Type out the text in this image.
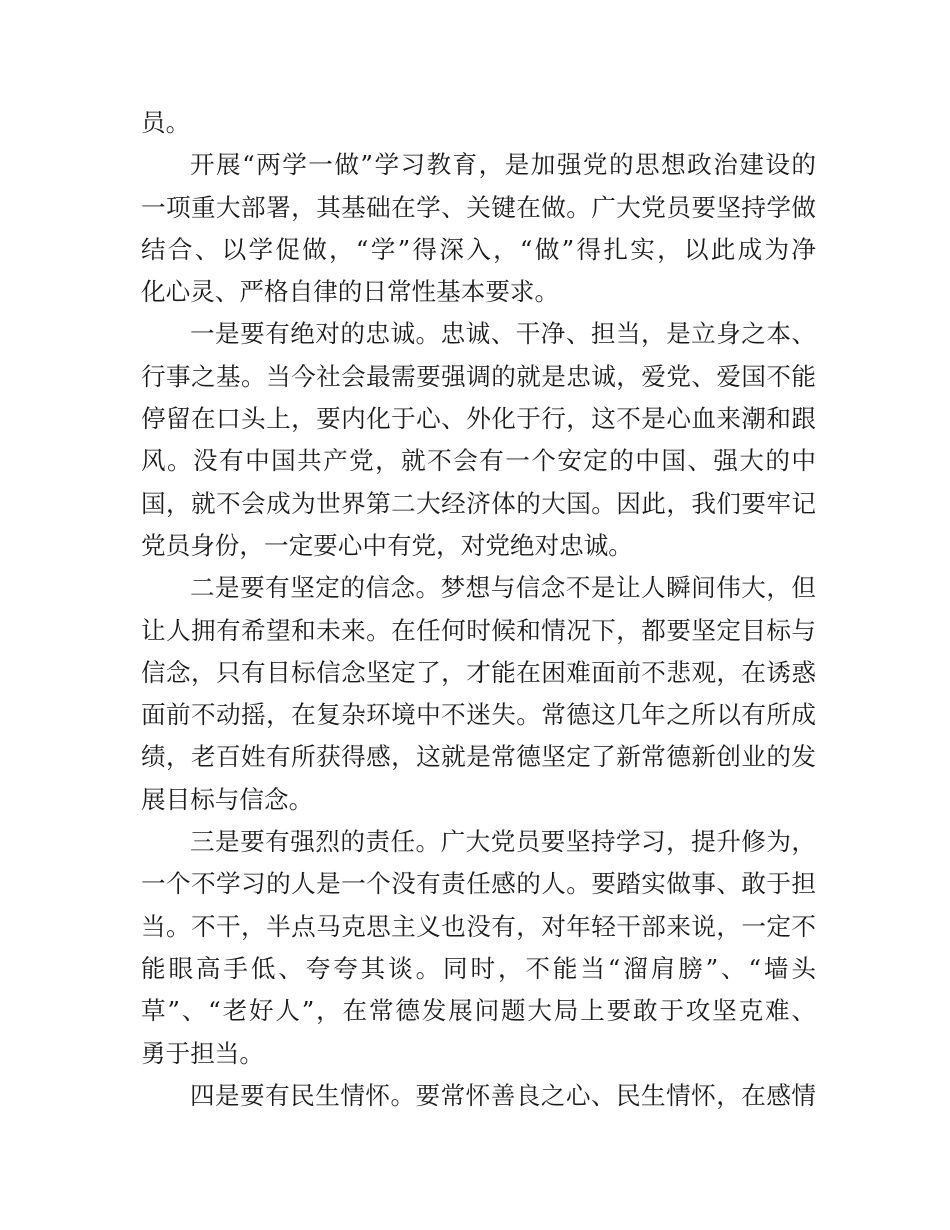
员。
开展“两学一做”学习教育，是加强党的思想政治建设的
一项重大部署，其基础在学、关键在做。广大党员要坚持学做
结合、以学促做，“学”得深入，“做”得扎实，以此成为净
化心灵、严格自律的日常性基本要求。
一是要有绝对的忠诚。忠诚、干净、担当，是立身之本、
行事之基。当今社会最需要强调的就是忠诚，爱党、爱国不能
停留在口头上，要内化于心、外化于行，这不是心血来潮和跟
风。没有中国共产党，就不会有一个安定的中国、强大的中
国，就不会成为世界第二大经济体的大国。因此，我们要牢记
党员身份，一定要心中有党，对党绝对忠诚。
二是要有坚定的信念。梦想与信念不是让人瞬间伟大，但
让人拥有希望和未来。在任何时候和情况下，都要坚定目标与
信念，只有目标信念坚定了，才能在困难面前不悲观，在诱惑
面前不动摇，在复杂环境中不迷失。常德这几年之所以有所成
绩，老百姓有所获得感，这就是常德坚定了新常德新创业的发
展目标与信念。
三是要有强烈的责任。广大党员要坚持学习，提升修为，
一个不学习的人是一个没有责任感的人。要踏实做事、敢于担
当。不干，半点马克思主义也没有，对年轻干部来说，一定不
能眼高手低、夸夸其谈。同时，不能当“溜肩膀”、“墙头
草”、“老好人”，在常德发展问题大局上要敢于攻坚克难、
勇于担当。
四是要有民生情怀。要常怀善良之心、民生情怀，在感情
